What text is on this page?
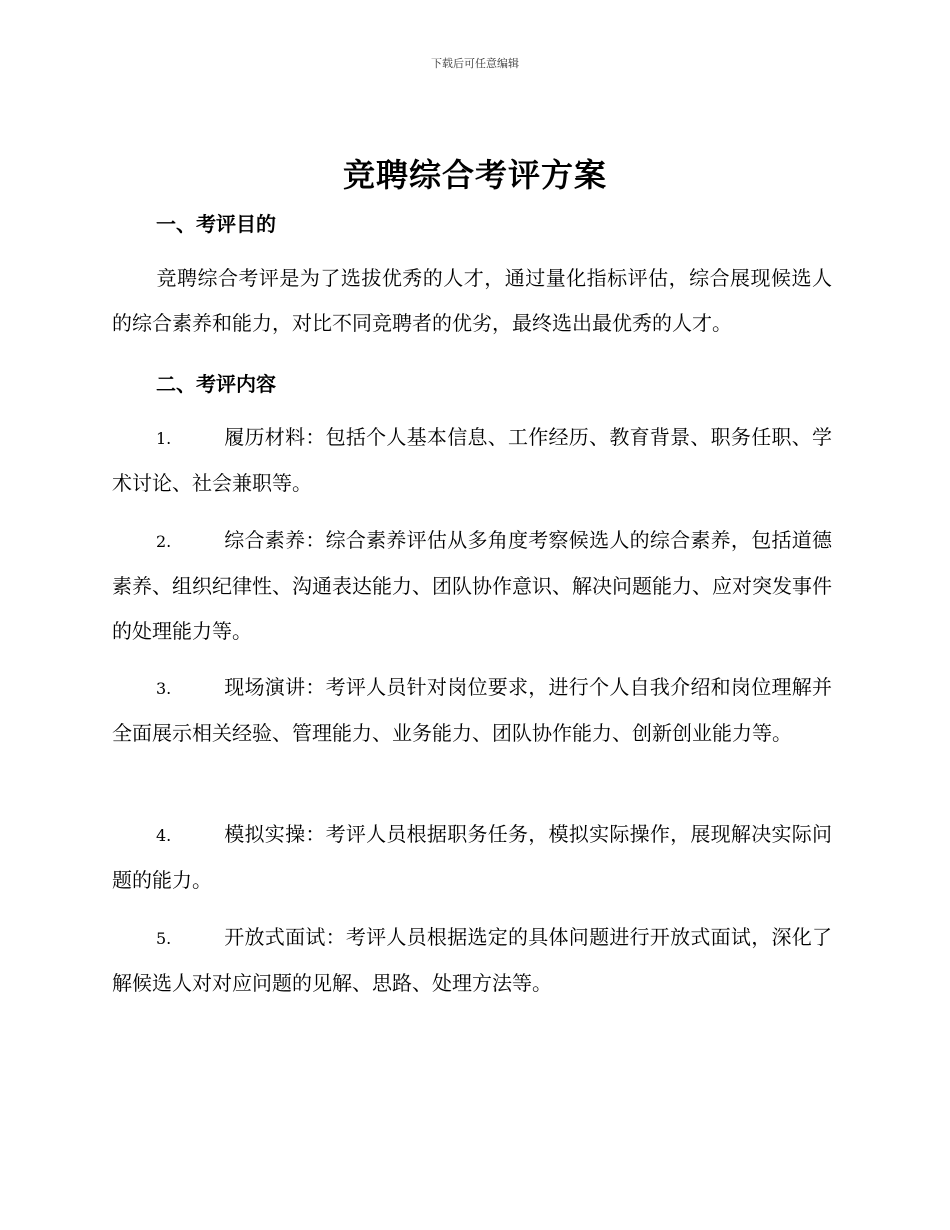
下载后可任意编辑
竞聘综合考评方案
一、考评目的
竞聘综合考评是为了选拔优秀的人才，通过量化指标评估，综合展现候选人的综合素养和能力，对比不同竞聘者的优劣，最终选出最优秀的人才。
二、考评内容
1.	履历材料：包括个人基本信息、工作经历、教育背景、职务任职、学术讨论、社会兼职等。
2.	综合素养：综合素养评估从多角度考察候选人的综合素养，包括道德素养、组织纪律性、沟通表达能力、团队协作意识、解决问题能力、应对突发事件的处理能力等。
3.	现场演讲：考评人员针对岗位要求，进行个人自我介绍和岗位理解并全面展示相关经验、管理能力、业务能力、团队协作能力、创新创业能力等。
4.	模拟实操：考评人员根据职务任务，模拟实际操作，展现解决实际问题的能力。
5.	开放式面试：考评人员根据选定的具体问题进行开放式面试，深化了解候选人对对应问题的见解、思路、处理方法等。
